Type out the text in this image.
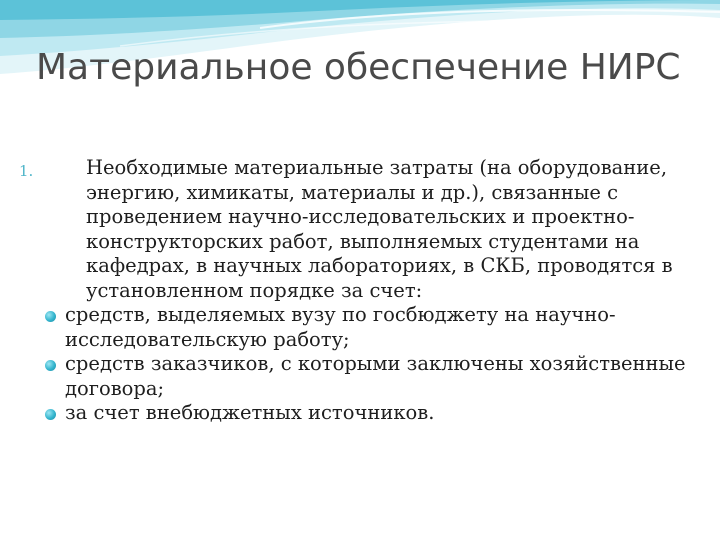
Материальное обеспечение НИРС
1.	Необходимые материальные затраты (на оборудование, энергию, химикаты, материалы и др.), связанные с проведением научно-исследовательских и проектно-конструкторских работ, выполняемых студентами на кафедрах, в научных лабораториях, в СКБ, проводятся в установленном порядке за счет:
средств, выделяемых вузу по госбюджету на научно-исследовательскую работу;
средств заказчиков, с которыми заключены хозяйственные договора;
за счет внебюджетных источников.
